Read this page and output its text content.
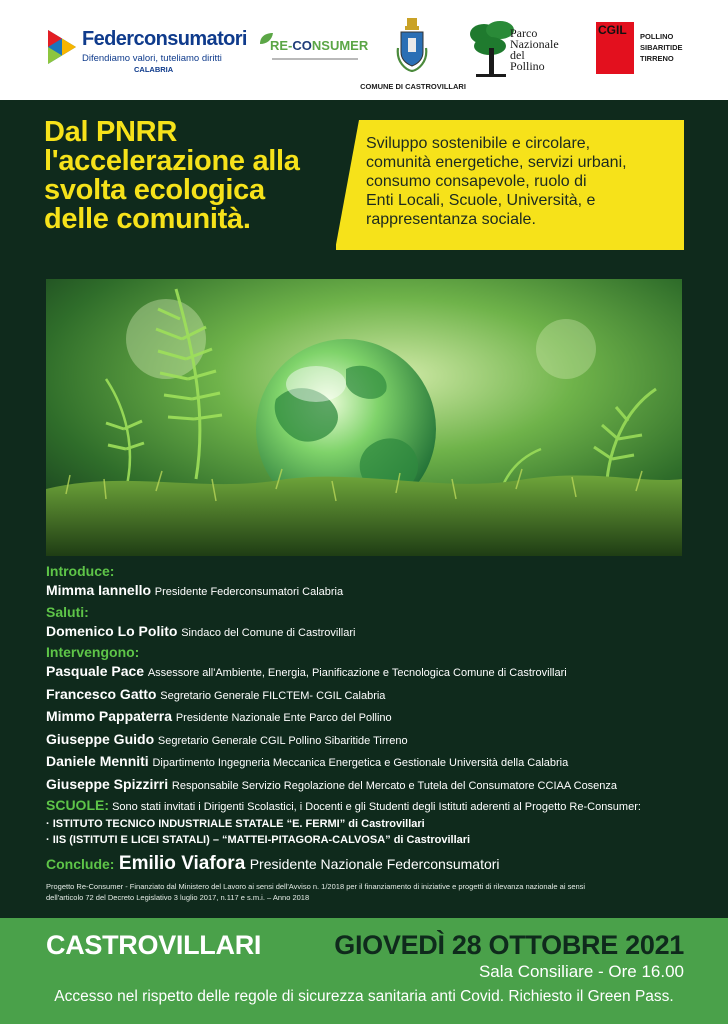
Federconsumatori
Difendiamo valori, tuteliamo diritti
CALABRIA
RE-CONSUMER
COMUNE DI CASTROVILLARI
Parco
Nazionale
del
Pollino
CGIL POLLINO
SIBARITIDE
TIRRENO
Dal PNRR
l'accelerazione alla
svolta ecologica
delle comunità.
Sviluppo sostenibile e circolare,
comunità energetiche, servizi urbani,
consumo consapevole, ruolo di
Enti Locali, Scuole, Università, e
rappresentanza sociale.
Introduce:
Mimma Iannello Presidente Federconsumatori Calabria
Saluti:
Domenico Lo Polito Sindaco del Comune di Castrovillari
Intervengono:
Pasquale Pace Assessore all'Ambiente, Energia, Pianificazione e Tecnologica Comune di Castrovillari
Francesco Gatto Segretario Generale FILCTEM- CGIL Calabria
Mimmo Pappaterra Presidente Nazionale Ente Parco del Pollino
Giuseppe Guido Segretario Generale CGIL Pollino Sibaritide Tirreno
Daniele Menniti Dipartimento Ingegneria Meccanica Energetica e Gestionale Università della Calabria
Giuseppe Spizzirri Responsabile Servizio Regolazione del Mercato e Tutela del Consumatore CCIAA Cosenza
SCUOLE: Sono stati invitati i Dirigenti Scolastici, i Docenti e gli Studenti degli Istituti aderenti al Progetto Re-Consumer:
· ISTITUTO TECNICO INDUSTRIALE STATALE “E. FERMI” di Castrovillari
· IIS (ISTITUTI E LICEI STATALI) – “MATTEI-PITAGORA-CALVOSA” di Castrovillari
Conclude: Emilio Viafora Presidente Nazionale Federconsumatori
Progetto Re-Consumer - Finanziato dal Ministero del Lavoro ai sensi dell'Avviso n. 1/2018 per il finanziamento di iniziative e progetti di rilevanza nazionale ai sensi
dell'articolo 72 del Decreto Legislativo 3 luglio 2017, n.117 e s.m.i. – Anno 2018
CASTROVILLARI	GIOVEDÌ 28 OTTOBRE 2021
Sala Consiliare - Ore 16.00
Accesso nel rispetto delle regole di sicurezza sanitaria anti Covid. Richiesto il Green Pass.
